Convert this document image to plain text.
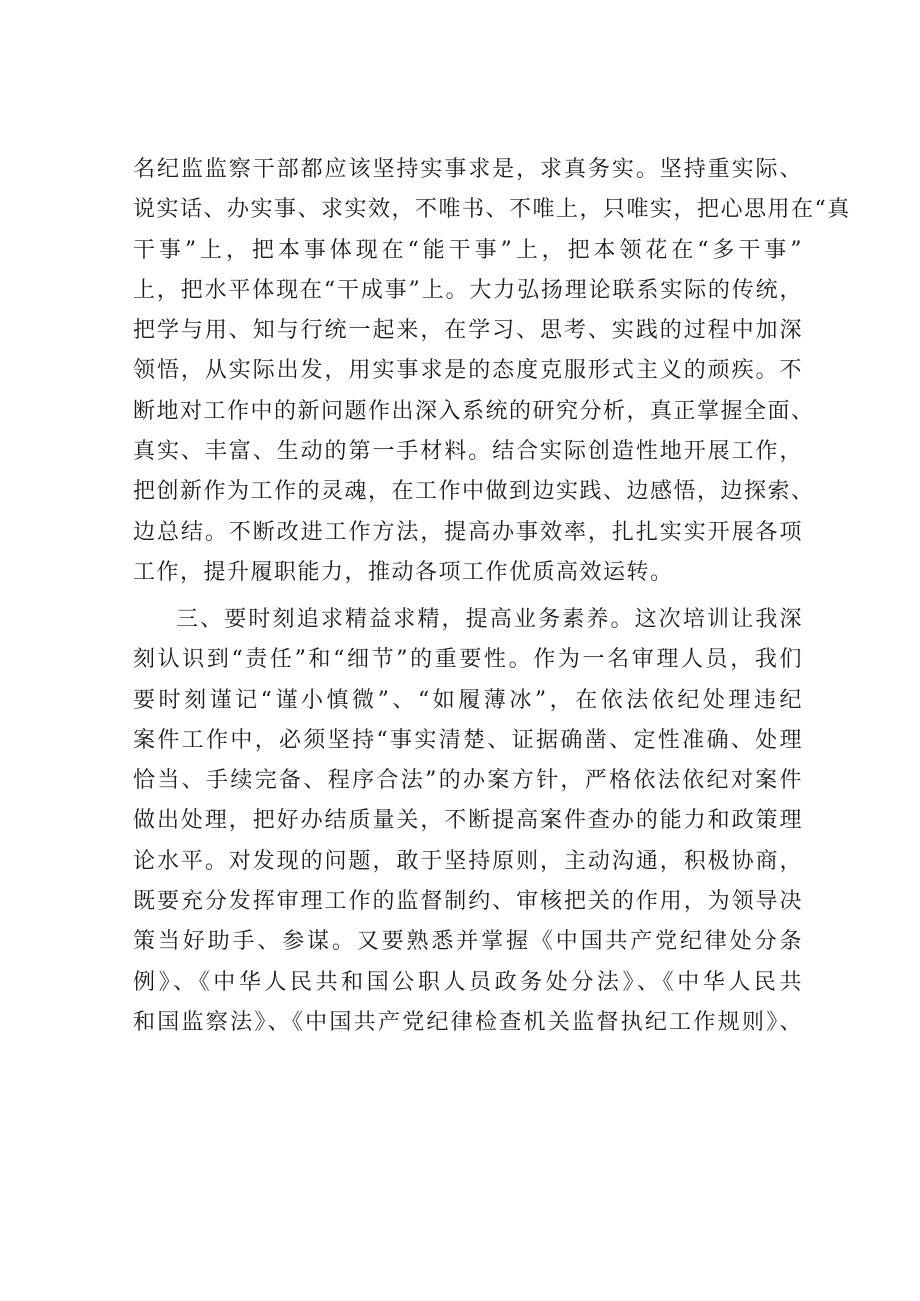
名纪监监察干部都应该坚持实事求是，求真务实。坚持重实际、
说实话、办实事、求实效，不唯书、不唯上，只唯实，把心思用在“真
干事”上，把本事体现在“能干事”上，把本领花在“多干事”
上，把水平体现在“干成事”上。大力弘扬理论联系实际的传统，
把学与用、知与行统一起来，在学习、思考、实践的过程中加深
领悟，从实际出发，用实事求是的态度克服形式主义的顽疾。不
断地对工作中的新问题作出深入系统的研究分析，真正掌握全面、
真实、丰富、生动的第一手材料。结合实际创造性地开展工作，
把创新作为工作的灵魂，在工作中做到边实践、边感悟，边探索、
边总结。不断改进工作方法，提高办事效率，扎扎实实开展各项
工作，提升履职能力，推动各项工作优质高效运转。
三、要时刻追求精益求精，提高业务素养。这次培训让我深
刻认识到“责任”和“细节”的重要性。作为一名审理人员，我们
要时刻谨记“谨小慎微”、“如履薄冰”，在依法依纪处理违纪
案件工作中，必须坚持“事实清楚、证据确凿、定性准确、处理
恰当、手续完备、程序合法”的办案方针，严格依法依纪对案件
做出处理，把好办结质量关，不断提高案件查办的能力和政策理
论水平。对发现的问题，敢于坚持原则，主动沟通，积极协商，
既要充分发挥审理工作的监督制约、审核把关的作用，为领导决
策当好助手、参谋。又要熟悉并掌握《中国共产党纪律处分条
例》、《中华人民共和国公职人员政务处分法》、《中华人民共
和国监察法》、《中国共产党纪律检查机关监督执纪工作规则》、
